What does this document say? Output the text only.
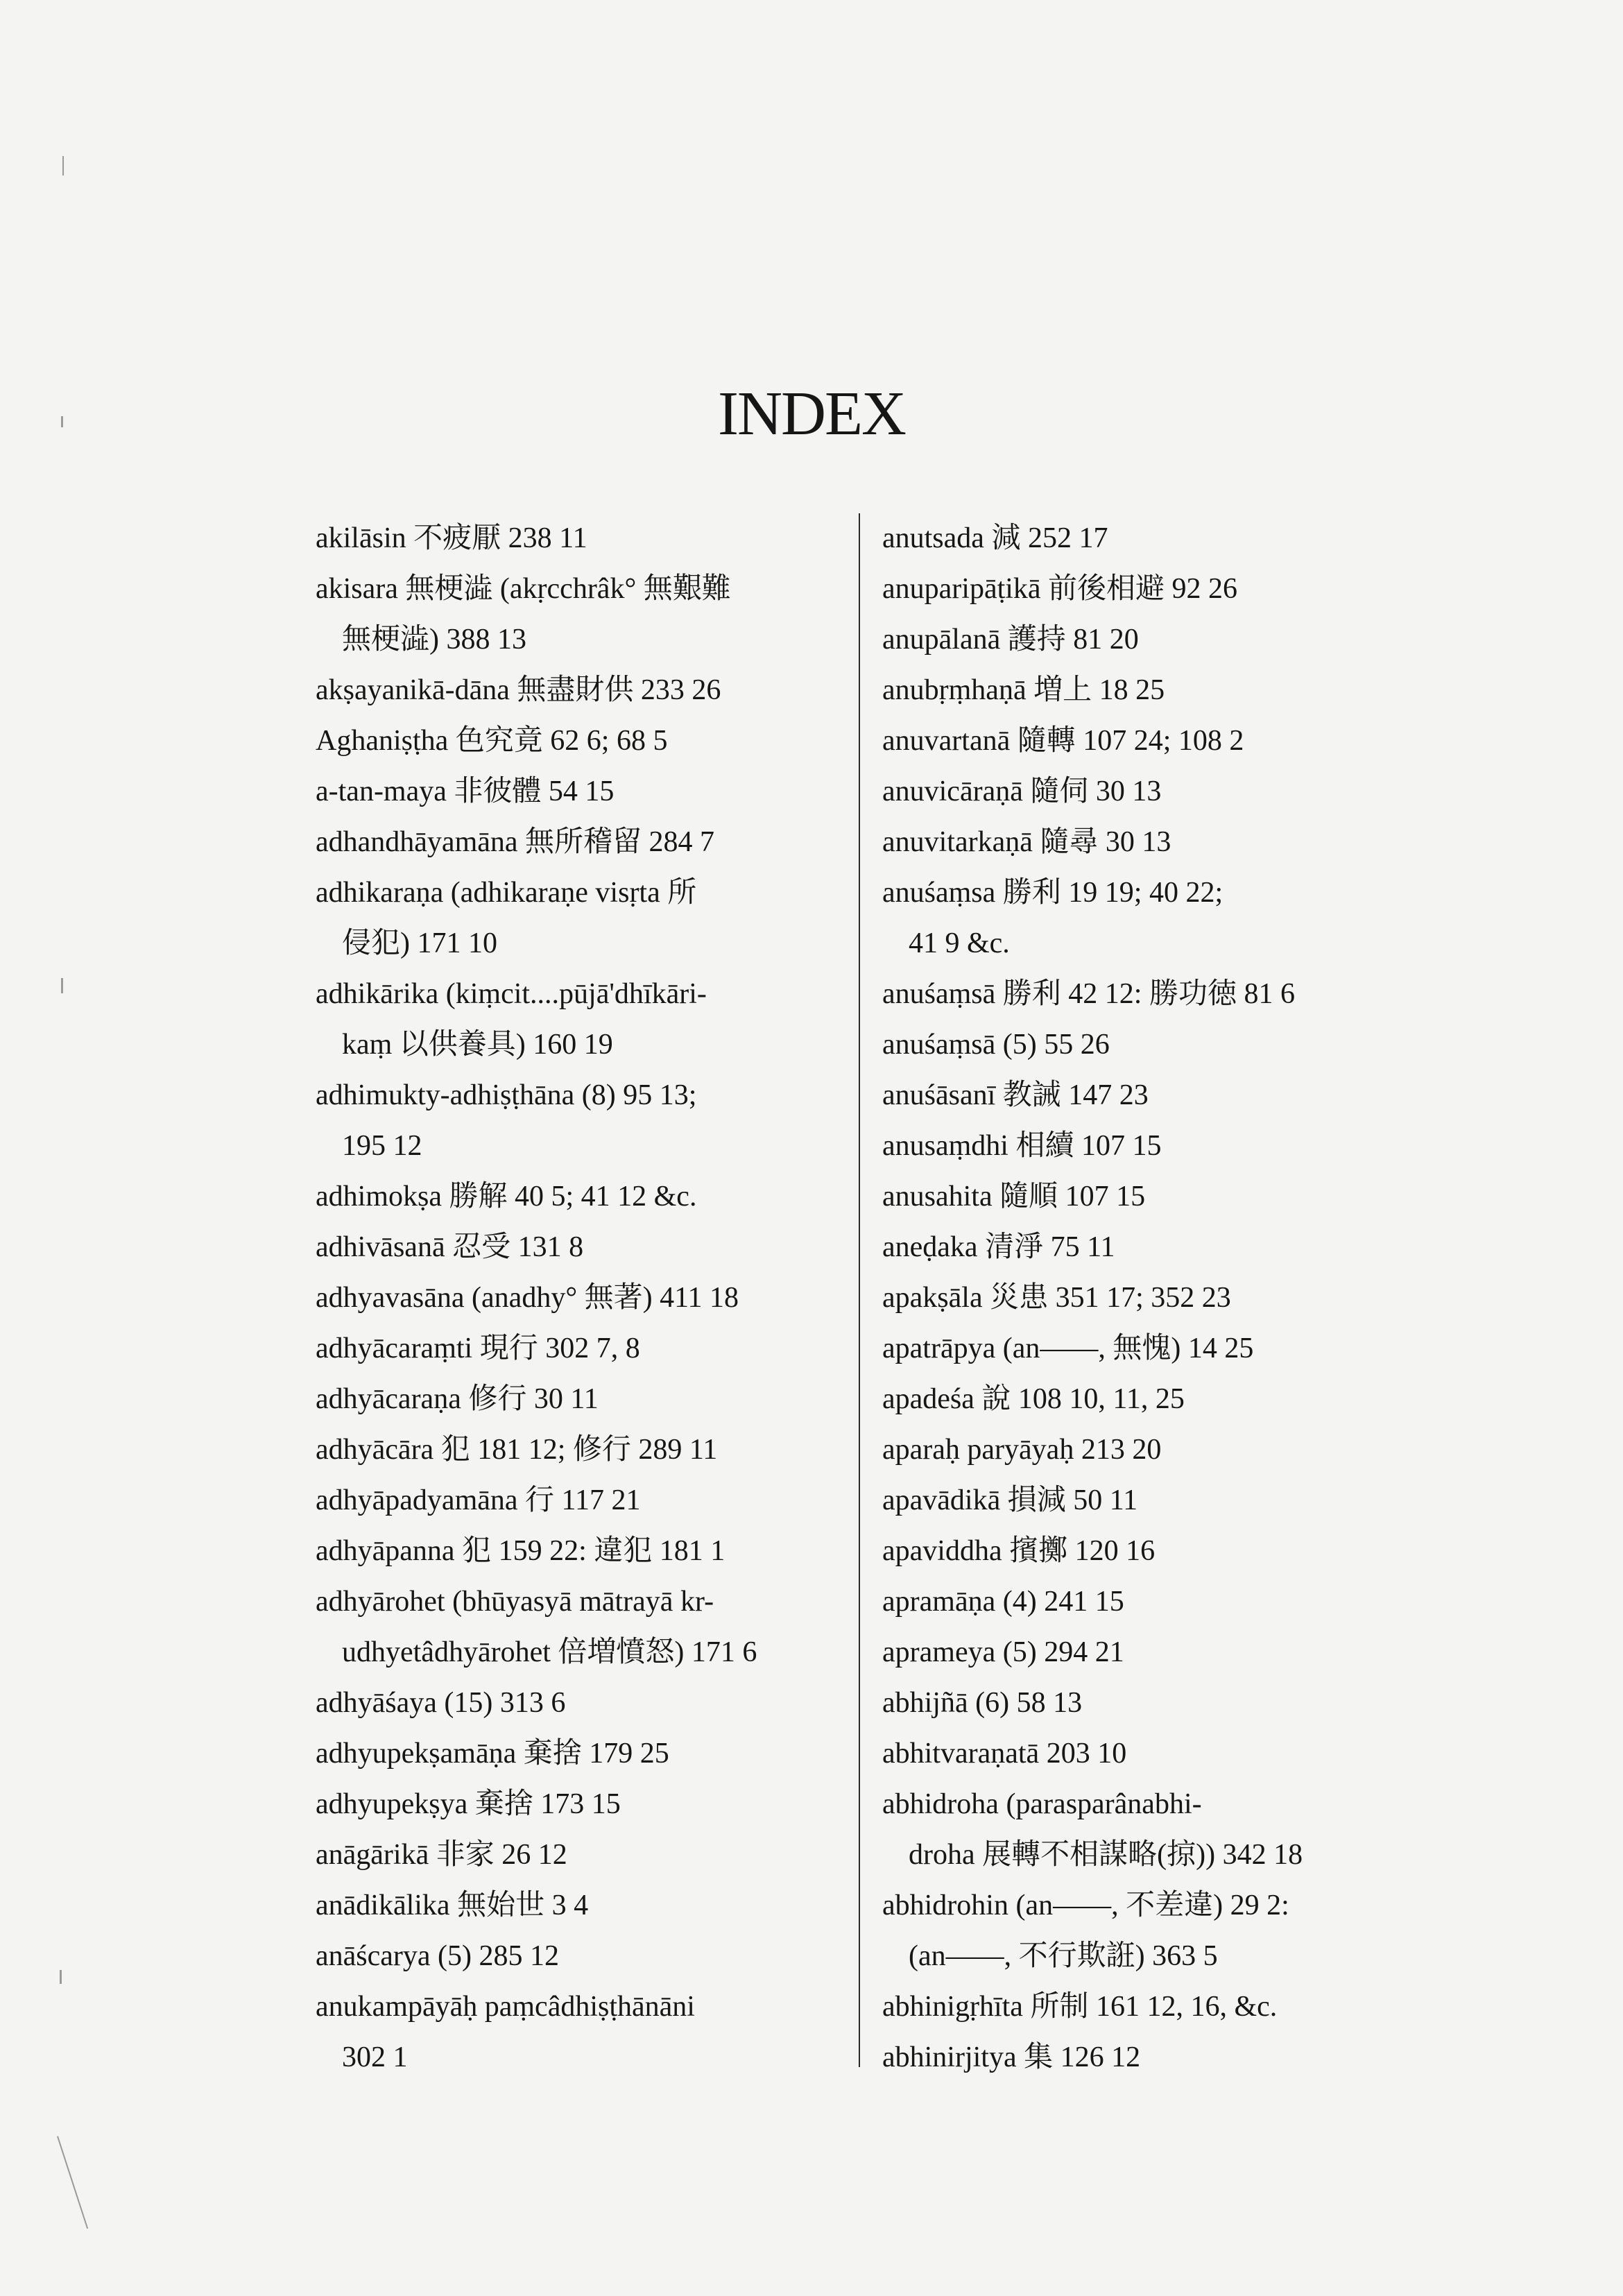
INDEX
akilāsin 不疲厭 238 11
akisara 無梗澁 (akṛcchrâk° 無艱難
無梗澁) 388 13
akṣayanikā-dāna 無盡財供 233 26
Aghaniṣṭha 色究竟 62 6; 68 5
a-tan-maya 非彼體 54 15
adhandhāyamāna 無所稽留 284 7
adhikaraṇa (adhikaraṇe visṛta 所
侵犯) 171 10
adhikārika (kiṃcit....pūjā'dhīkāri-
kaṃ 以供養具) 160 19
adhimukty-adhiṣṭhāna (8) 95 13;
195 12
adhimokṣa 勝解 40 5; 41 12 &c.
adhivāsanā 忍受 131 8
adhyavasāna (anadhy° 無著) 411 18
adhyācaraṃti 現行 302 7, 8
adhyācaraṇa 修行 30 11
adhyācāra 犯 181 12; 修行 289 11
adhyāpadyamāna 行 117 21
adhyāpanna 犯 159 22: 違犯 181 1
adhyārohet (bhūyasyā mātrayā kr-
udhyetâdhyārohet 倍増憤怒) 171 6
adhyāśaya (15) 313 6
adhyupekṣamāṇa 棄捨 179 25
adhyupekṣya 棄捨 173 15
anāgārikā 非家 26 12
anādikālika 無始世 3 4
anāścarya (5) 285 12
anukampāyāḥ paṃcâdhiṣṭhānāni
302 1
anutsada 減 252 17
anuparipāṭikā 前後相避 92 26
anupālanā 護持 81 20
anubṛṃhaṇā 増上 18 25
anuvartanā 隨轉 107 24; 108 2
anuvicāraṇā 隨伺 30 13
anuvitarkaṇā 隨尋 30 13
anuśaṃsa 勝利 19 19; 40 22;
41 9 &c.
anuśaṃsā 勝利 42 12: 勝功徳 81 6
anuśaṃsā (5) 55 26
anuśāsanī 教誡 147 23
anusaṃdhi 相續 107 15
anusahita 隨順 107 15
aneḍaka 清淨 75 11
apakṣāla 災患 351 17; 352 23
apatrāpya (an——, 無愧) 14 25
apadeśa 說 108 10, 11, 25
aparaḥ paryāyaḥ 213 20
apavādikā 損減 50 11
apaviddha 擯擲 120 16
apramāṇa (4) 241 15
aprameya (5) 294 21
abhijñā (6) 58 13
abhitvaraṇatā 203 10
abhidroha (parasparânabhi-
droha 展轉不相謀略(掠)) 342 18
abhidrohin (an——, 不差違) 29 2:
(an——, 不行欺誑) 363 5
abhinigṛhīta 所制 161 12, 16, &c.
abhinirjitya 集 126 12
